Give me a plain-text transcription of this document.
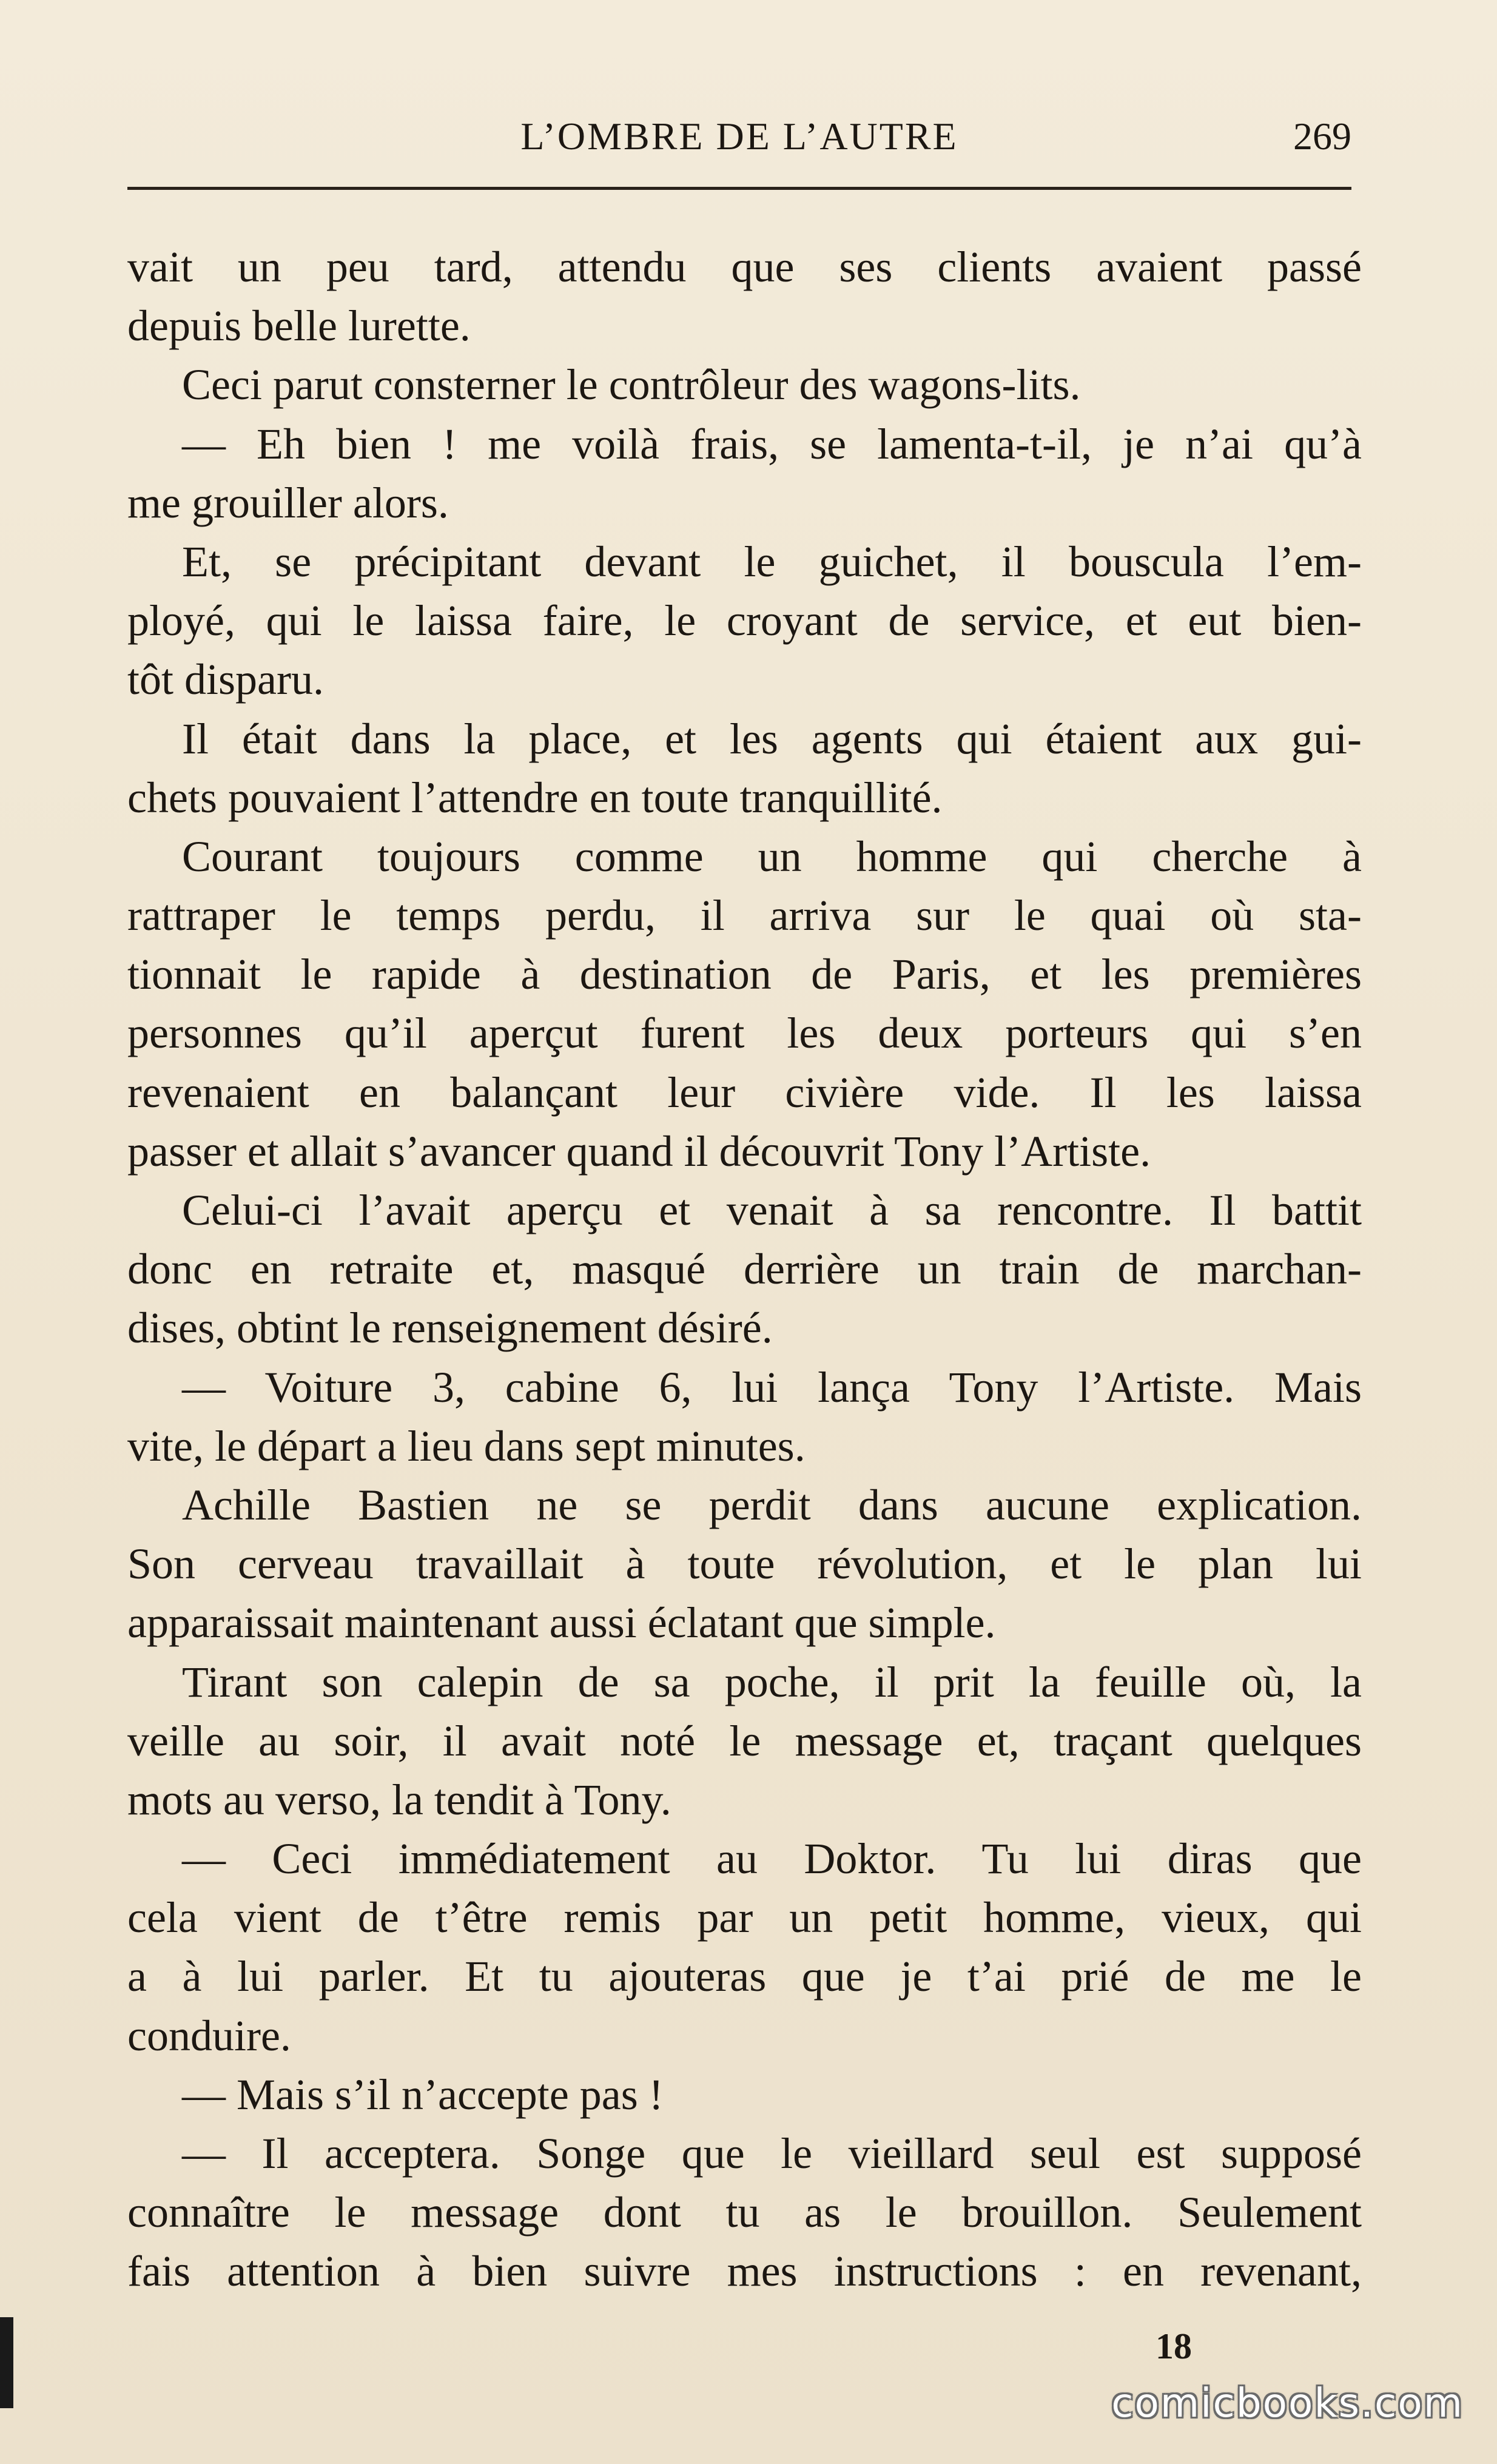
L’OMBRE DE L’AUTRE	269
vait un peu tard, attendu que ses clients avaient passé
depuis belle lurette.
Ceci parut consterner le contrôleur des wagons-lits.
— Eh bien ! me voilà frais, se lamenta-t-il, je n’ai qu’à
me grouiller alors.
Et, se précipitant devant le guichet, il bouscula l’em-
ployé, qui le laissa faire, le croyant de service, et eut bien-
tôt disparu.
Il était dans la place, et les agents qui étaient aux gui-
chets pouvaient l’attendre en toute tranquillité.
Courant toujours comme un homme qui cherche à
rattraper le temps perdu, il arriva sur le quai où sta-
tionnait le rapide à destination de Paris, et les premières
personnes qu’il aperçut furent les deux porteurs qui s’en
revenaient en balançant leur civière vide. Il les laissa
passer et allait s’avancer quand il découvrit Tony l’Artiste.
Celui-ci l’avait aperçu et venait à sa rencontre. Il battit
donc en retraite et, masqué derrière un train de marchan-
dises, obtint le renseignement désiré.
— Voiture 3, cabine 6, lui lança Tony l’Artiste. Mais
vite, le départ a lieu dans sept minutes.
Achille Bastien ne se perdit dans aucune explication.
Son cerveau travaillait à toute révolution, et le plan lui
apparaissait maintenant aussi éclatant que simple.
Tirant son calepin de sa poche, il prit la feuille où, la
veille au soir, il avait noté le message et, traçant quelques
mots au verso, la tendit à Tony.
— Ceci immédiatement au Doktor. Tu lui diras que
cela vient de t’être remis par un petit homme, vieux, qui
a à lui parler. Et tu ajouteras que je t’ai prié de me le
conduire.
— Mais s’il n’accepte pas !
— Il acceptera. Songe que le vieillard seul est supposé
connaître le message dont tu as le brouillon. Seulement
fais attention à bien suivre mes instructions : en revenant,
18
comicbooks.com
